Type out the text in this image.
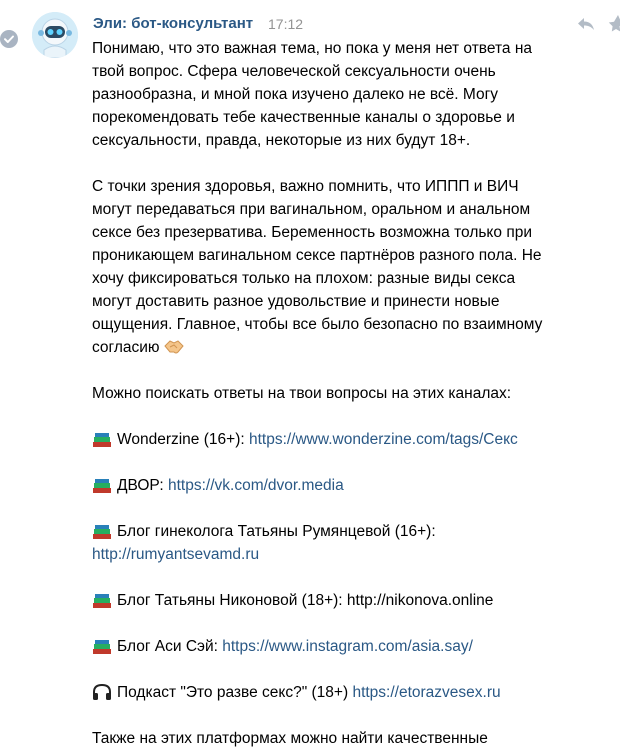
Эли: бот-консультант 17:12
Понимаю, что это важная тема, но пока у меня нет ответа на
твой вопрос. Сфера человеческой сексуальности очень
разнообразна, и мной пока изучено далеко не всё. Могу
порекомендовать тебе качественные каналы о здоровье и
сексуальности, правда, некоторые из них будут 18+.
С точки зрения здоровья, важно помнить, что ИППП и ВИЧ
могут передаваться при вагинальном, оральном и анальном
сексе без презерватива. Беременность возможна только при
проникающем вагинальном сексе партнёров разного пола. Не
хочу фиксироваться только на плохом: разные виды секса
могут доставить разное удовольствие и принести новые
ощущения. Главное, чтобы все было безопасно по взаимному
согласию
Можно поискать ответы на твои вопросы на этих каналах:
Wonderzine (16+): https://www.wonderzine.com/tags/Секс
ДВОР: https://vk.com/dvor.media
Блог гинеколога Татьяны Румянцевой (16+):
http://rumyantsevamd.ru
Блог Татьяны Никоновой (18+): http://nikonova.online
Блог Аси Сэй: https://www.instagram.com/asia.say/
Подкаст "Это разве секс?" (18+) https://etorazvesex.ru
Также на этих платформах можно найти качественные
